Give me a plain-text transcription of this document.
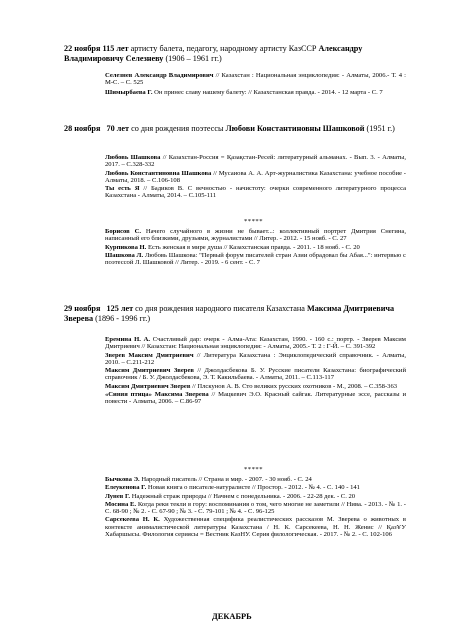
22 ноября 115 лет артисту балета, педагогу, народному артисту КазССР Александру Владимировичу Селезневу (1906 – 1961 гг.)

Селезнев Александр Владимирович // Казахстан : Национальная энциклопедия: - Алматы, 2006.- Т. 4 : М-С. – С. 525

Шимырбаева Г. Он принес славу нашему балету: // Казахстанская правда. - 2014. - 12 марта - С. 7

28 ноября 70 лет со дня рождения поэтессы Любови Константиновны Шашковой (1951 г.)

Любовь Шашкова // Казахстан-Россия = Қазақстан-Ресей: литературный альманах. - Вып. 3. - Алматы, 2017. – С.328-332

Любовь Константиновна Шашкова // Мусаиова А. А. Арт-журналистика Казахстана: учебное пособие - Алматы, 2018. – С.106-108

Ты есть Я // Бадиков В. С вечностью - начистоту: очерки современного литературного процесса Казахстана - Алматы, 2014. – С.105-111

*****

Борисов С. Начего случайного в жизни не бывает...: коллективный портрет Дмитрия Снегина, написанный его близкими, друзьями, журналистами // Литер. - 2012. - 15 нояб. - С. 27

Курпикова Н. Есть женская в мире душа // Казахстанская правда. - 2011. - 18 нояб. - С. 20

Шашкова Л. Любовь Шашкова: "Первый форум писателей стран Азии обрадовал бы Абая...": интервью с поэтессой Л. Шашковой // Литер. - 2019. - 6 сент. - С. 7

29 ноября 125 лет со дня рождения народного писателя Казахстана Максима Дмитриевича Зверева (1896 - 1996 гг.)

Еремина Н. А. Счастливый дар: очерк - Алма-Ата: Казахстан, 1990. - 160 с.: портр. - Зверев Максим Дмитриевич // Казахстан: Национальная энциклопедия: - Алматы, 2005.- Т. 2 : Г-Й. – С. 391-392

Зверев Максим Дмитриевич // Литература Казахстана : Энциклопедический справочник. - Алматы, 2010. – С.211-212

Максим Дмитриевич Зверев // Джолдасбекова Б. У. Русские писатели Казахстана: биографический справочник / Б. У. Джолдасбекова, Э. Т. Какильбаева. - Алматы, 2011. – С.113-117

Максим Дмитриевич Зверев // Плскунов А. В. Сто великих русских охотников - М., 2008. – С.358-363

«Синяя птица» Максима Зверева // Мацкевич Э.О. Красный сайгак. Литературные эссе, рассказы и повести - Алматы, 2006. – С.86-97

*****

Бычкова Э. Народный писатель // Страна и мир. - 2007. - 30 нояб. - С. 24

Елеукенова Г. Новая книга о писателе-натуралисте // Простор. - 2012. - № 4. - С. 140 - 141

Лунев Г. Надежный страж природы // Начнем с понедельника. - 2006. - 22-28 дек. - С. 20

Мосина Е. Когда реки текли в гору: воспоминания о том, чего многие не заметили // Нива. - 2013. - № 1. - С. 68-90 ; № 2. - С. 67-90 ; № 3. - С. 79-101 ; № 4. - С. 96-125

Сарсекеева Н. К. Художественная специфика реалистических рассказов М. Зверева о животных в контексте анималистической литературы Казахстана / Н. К. Сарсекеева, Н. Н. Женис // ҚазҰУ Хабаршысы. Филология сериясы = Вестник КазНУ. Серия филологическая. - 2017. - № 2. - С. 102-106

ДЕКАБРЬ
